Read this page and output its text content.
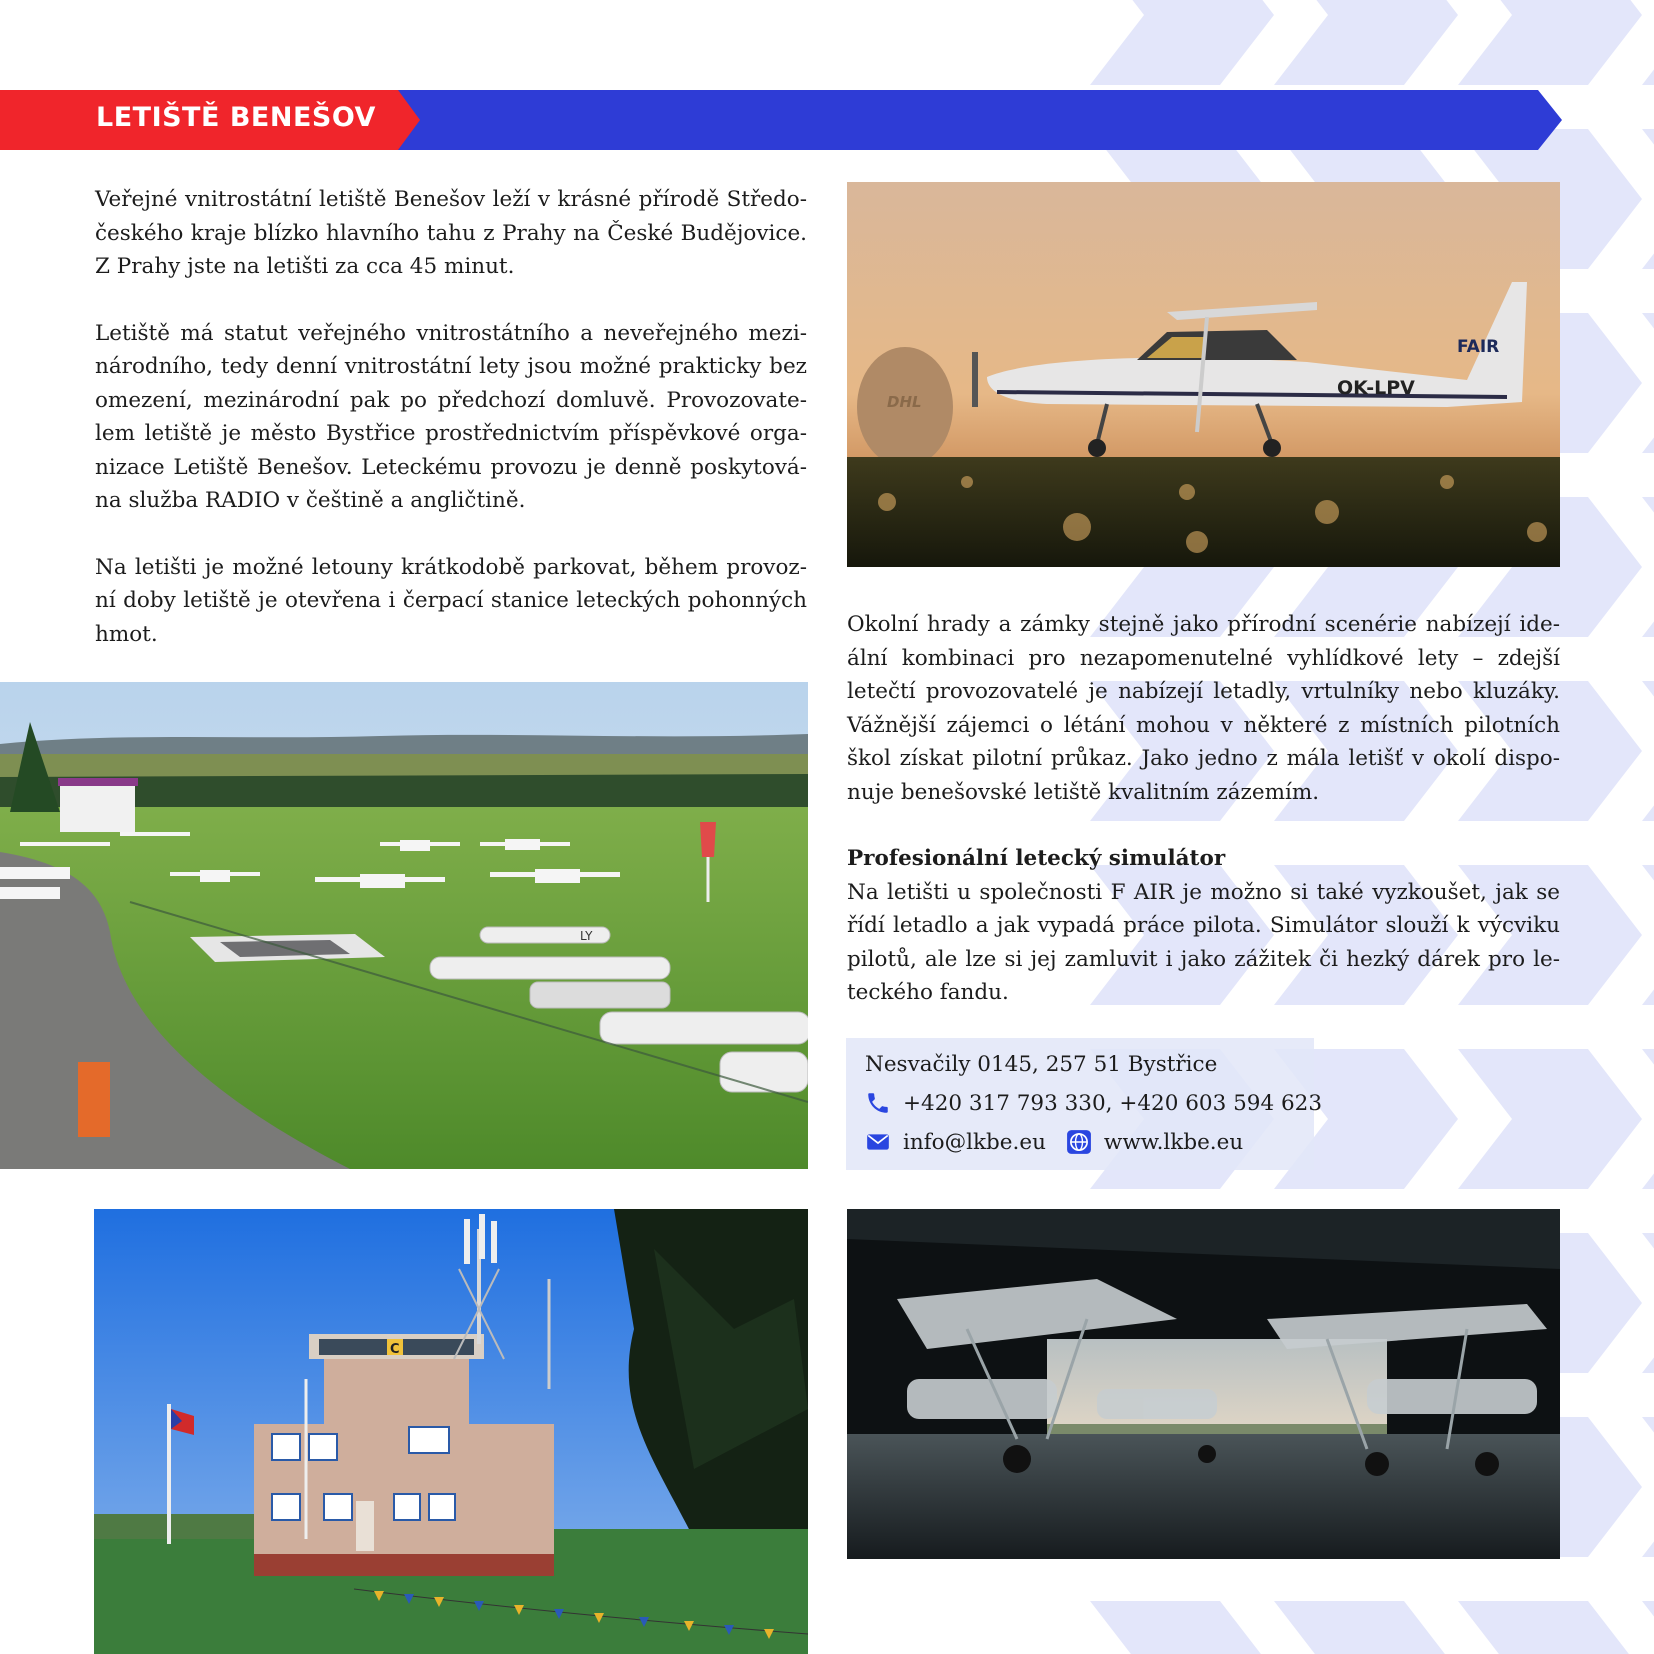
LETIŠTĚ BENEŠOV

Veřejné vnitrostátní letiště Benešov leží v krásné přírodě Středočeského kraje blízko hlavního tahu z Prahy na České Budějovice. Z Prahy jste na letišti za cca 45 minut.

Letiště má statut veřejného vnitrostátního a neveřejného mezinárodního, tedy denní vnitrostátní lety jsou možné prakticky bez omezení, mezinárodní pak po předchozí domluvě. Provozovatelem letiště je město Bystřice prostřednictvím příspěvkové organizace Letiště Benešov. Leteckému provozu je denně poskytována služba RADIO v češtině a angličtině.

Na letišti je možné letouny krátkodobě parkovat, během provozní doby letiště je otevřena i čerpací stanice leteckých pohonných hmot.

DHL
FAIR
OK-LPV

Okolní hrady a zámky stejně jako přírodní scenérie nabízejí ideální kombinaci pro nezapomenutelné vyhlídkové lety – zdejší letečtí provozovatelé je nabízejí letadly, vrtulníky nebo kluzáky. Vážnější zájemci o létání mohou v některé z místních pilotních škol získat pilotní průkaz. Jako jedno z mála letišť v okolí disponuje benešovské letiště kvalitním zázemím.

Profesionální letecký simulátor

Na letišti u společnosti F AIR je možno si také vyzkoušet, jak se řídí letadlo a jak vypadá práce pilota. Simulátor slouží k výcviku pilotů, ale lze si jej zamluvit i jako zážitek či hezký dárek pro leteckého fandu.

LY
Nesvačily 0145, 257 51 Bystřice
+420 317 793 330, +420 603 594 623
info@lkbe.eu	www.lkbe.eu
C
